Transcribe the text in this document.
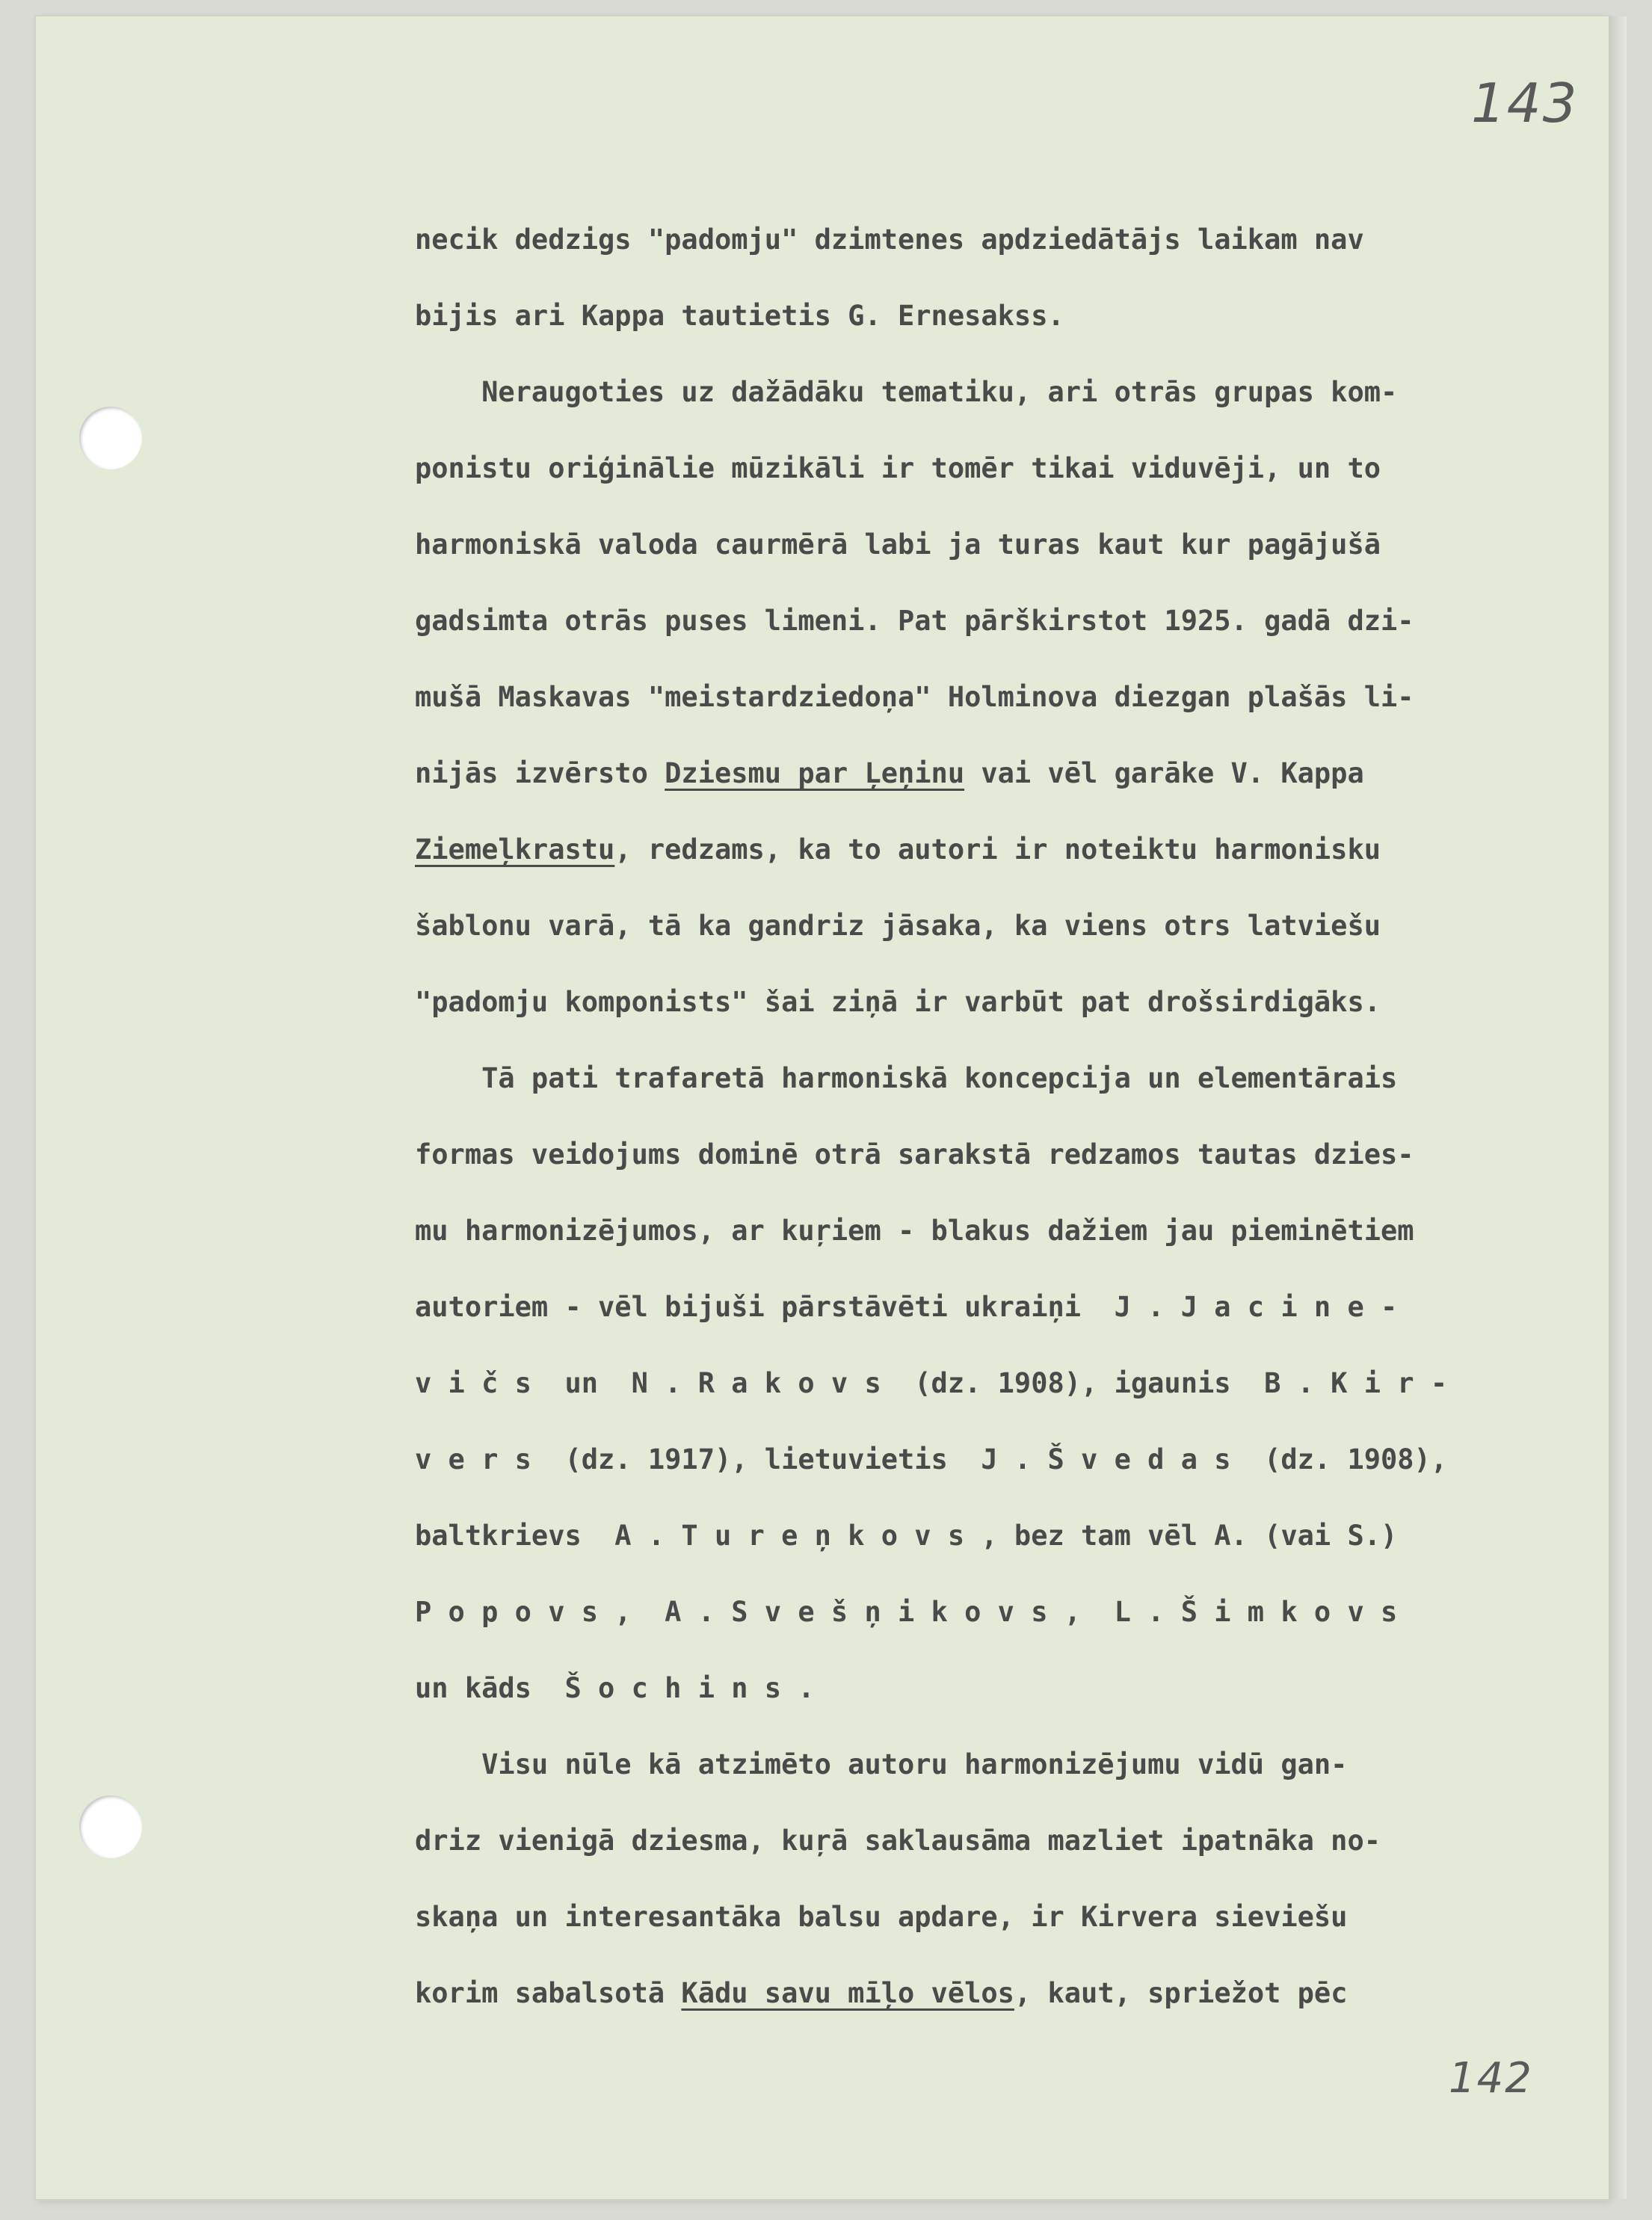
143
142
necik dedzigs "padomju" dzimtenes apdziedātājs laikam nav
bijis ari Kappa tautietis G. Ernesakss.
Neraugoties uz dažādāku tematiku, ari otrās grupas kom-
ponistu oriģinālie mūzikāli ir tomēr tikai viduvēji, un to
harmoniskā valoda caurmērā labi ja turas kaut kur pagājušā
gadsimta otrās puses limeni. Pat pārškirstot 1925. gadā dzi-
mušā Maskavas "meistardziedoņa" Holminova diezgan plašās li-
nijās izvērsto Dziesmu par Ļeņinu vai vēl garāke V. Kappa
Ziemeļkrastu, redzams, ka to autori ir noteiktu harmonisku
šablonu varā, tā ka gandriz jāsaka, ka viens otrs latviešu
"padomju komponists" šai ziņā ir varbūt pat drošsirdigāks.
Tā pati trafaretā harmoniskā koncepcija un elementārais
formas veidojums dominē otrā sarakstā redzamos tautas dzies-
mu harmonizējumos, ar kuŗiem - blakus dažiem jau pieminētiem
autoriem - vēl bijuši pārstāvēti ukraiņi  J . J a c i n e -
v i č s  un  N . R a k o v s  (dz. 1908), igaunis  B . K i r -
v e r s  (dz. 1917), lietuvietis  J . Š v e d a s  (dz. 1908),
baltkrievs  A . T u r e ņ k o v s , bez tam vēl A. (vai S.)
P o p o v s ,  A . S v e š ņ i k o v s ,  L . Š i m k o v s
un kāds  Š o c h i n s .
Visu nūle kā atzimēto autoru harmonizējumu vidū gan-
driz vienigā dziesma, kuŗā saklausāma mazliet ipatnāka no-
skaņa un interesantāka balsu apdare, ir Kirvera sieviešu
korim sabalsotā Kādu savu mīļo vēlos, kaut, spriežot pēc
